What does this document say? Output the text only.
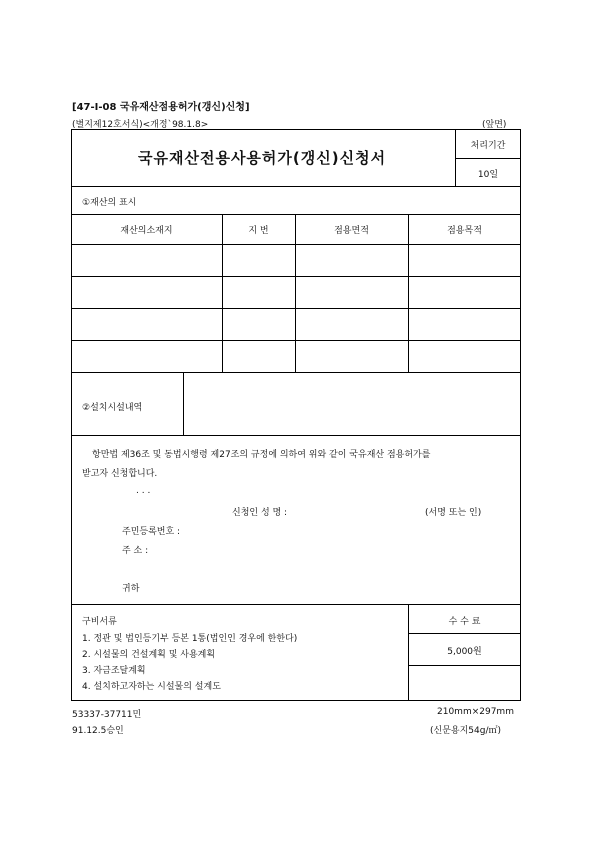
[47-Ⅰ-08 국유재산점용허가(갱신)신청]
(별지제12호서식)<개정`98.1.8>	(앞면)
국유재산전용사용허가(갱신)신청서
처리기간
10일
①재산의 표시
재산의소재지	지 번	점용면적	점용목적
②설치시설내역
항만법 제36조 및 동법시행령 제27조의 규정에 의하여 위와 같이 국유재산 점용허가를
받고자 신청합니다.
. . .
신청인 성 명 :	(서명 또는 인)
주민등록번호 :
주 소 :
귀하
구비서류
1. 정관 및 법인등기부 등본 1통(법인인 경우에 한한다)
2. 시설물의 건설계획 및 사용계획
3. 자금조달계획
4. 설치하고자하는 시설물의 설계도
수 수 료
5,000원
53337-37711민
91.12.5승인
210mm×297mm
(신문용지54g/㎡)
